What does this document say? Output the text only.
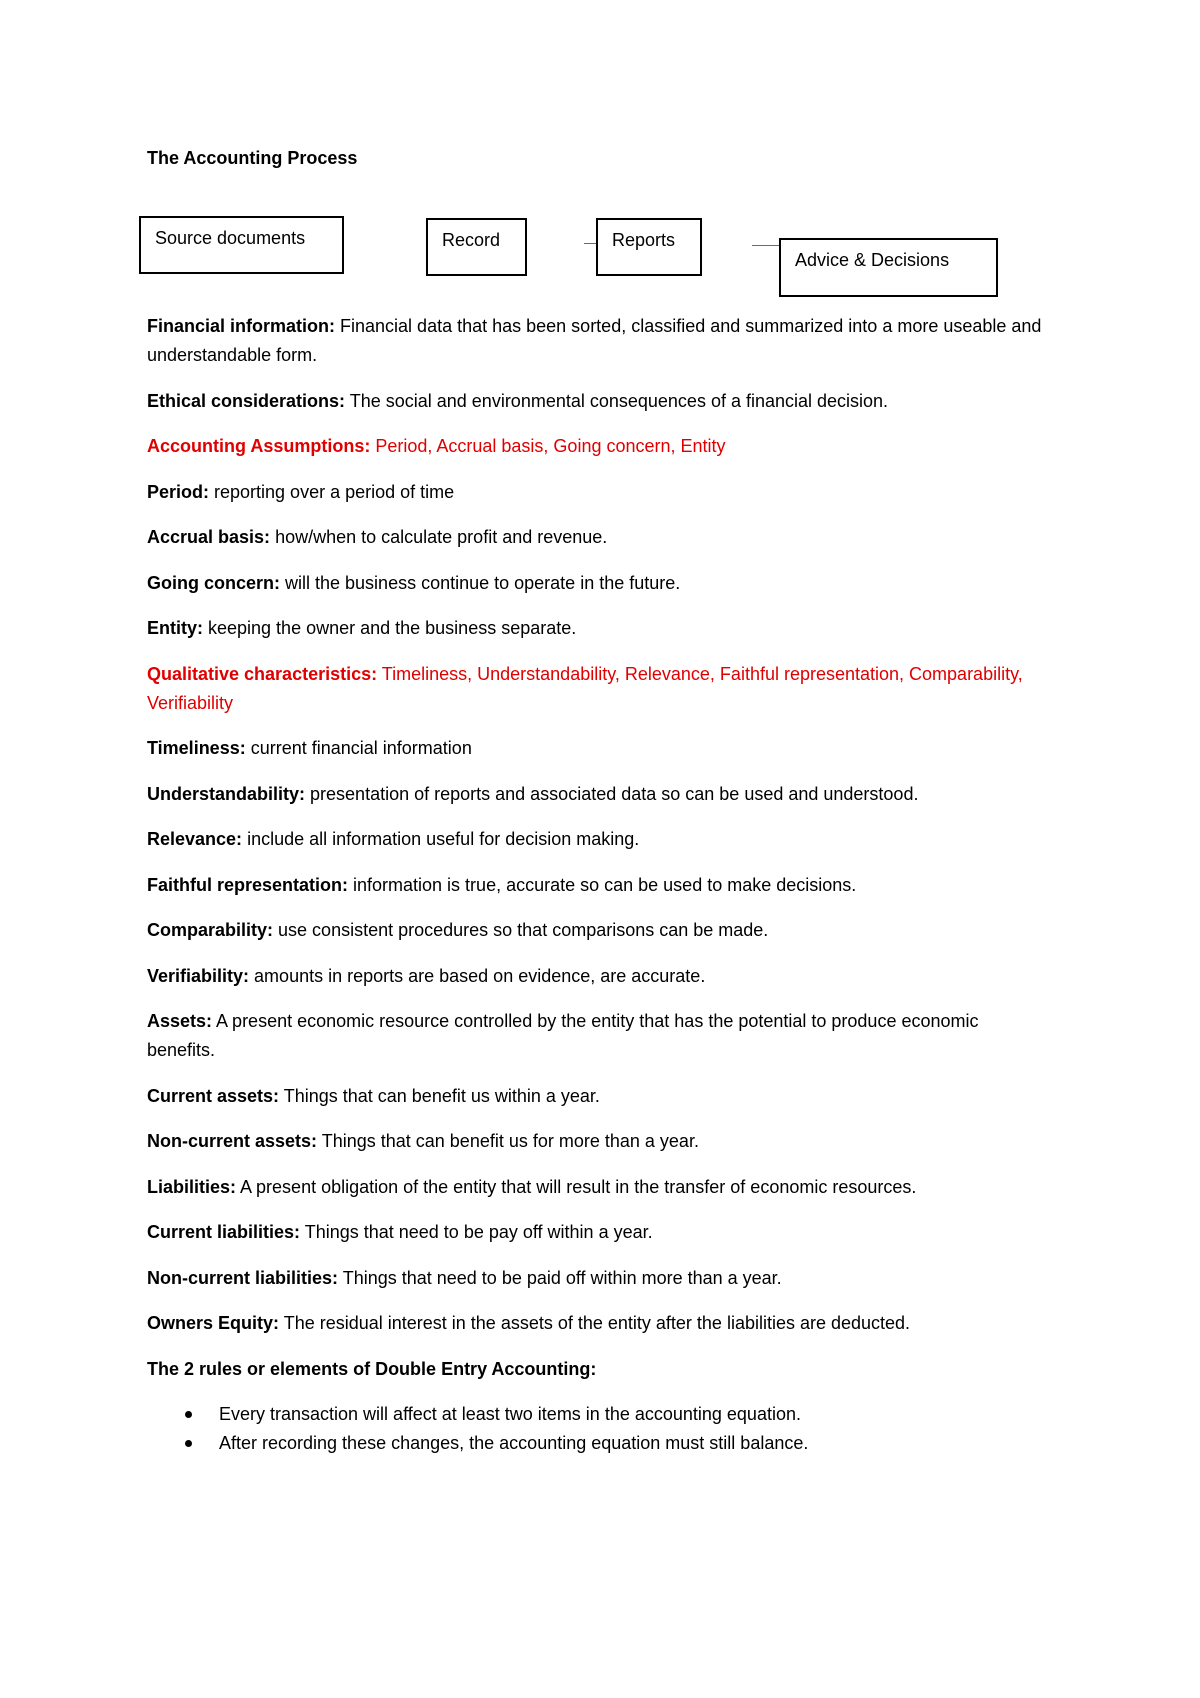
The Accounting Process
Source documents	Record	Reports
Advice & Decisions

Financial information: Financial data that has been sorted, classified and summarized into a more useable and understandable form.

Ethical considerations: The social and environmental consequences of a financial decision.

Accounting Assumptions: Period, Accrual basis, Going concern, Entity

Period: reporting over a period of time

Accrual basis: how/when to calculate profit and revenue.

Going concern: will the business continue to operate in the future.

Entity: keeping the owner and the business separate.

Qualitative characteristics: Timeliness, Understandability, Relevance, Faithful representation, Comparability, Verifiability

Timeliness: current financial information

Understandability: presentation of reports and associated data so can be used and understood.

Relevance: include all information useful for decision making.

Faithful representation: information is true, accurate so can be used to make decisions.

Comparability: use consistent procedures so that comparisons can be made.

Verifiability: amounts in reports are based on evidence, are accurate.

Assets: A present economic resource controlled by the entity that has the potential to produce economic benefits.

Current assets: Things that can benefit us within a year.

Non-current assets: Things that can benefit us for more than a year.

Liabilities: A present obligation of the entity that will result in the transfer of economic resources.

Current liabilities: Things that need to be pay off within a year.

Non-current liabilities: Things that need to be paid off within more than a year.

Owners Equity: The residual interest in the assets of the entity after the liabilities are deducted.

The 2 rules or elements of Double Entry Accounting:

Every transaction will affect at least two items in the accounting equation.
After recording these changes, the accounting equation must still balance.
